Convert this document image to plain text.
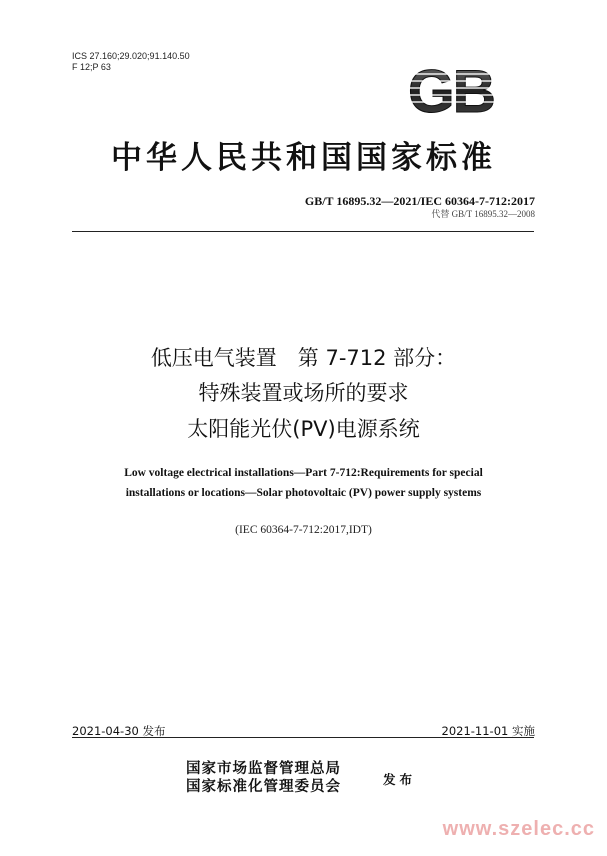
ICS 27.160;29.020;91.140.50
F 12;P 63	GB
中华人民共和国国家标准
GB/T 16895.32—2021/IEC 60364-7-712:2017
代替 GB/T 16895.32—2008
低压电气装置　第 7-712 部分：
特殊装置或场所的要求
太阳能光伏(PV)电源系统
Low voltage electrical installations—Part 7-712:Requirements for special
installations or locations—Solar photovoltaic (PV) power supply systems
(IEC 60364-7-712:2017,IDT)
2021-04-30 发布	2021-11-01 实施
国家市场监督管理总局
国家标准化管理委员会	发布
www.szelec.cc
